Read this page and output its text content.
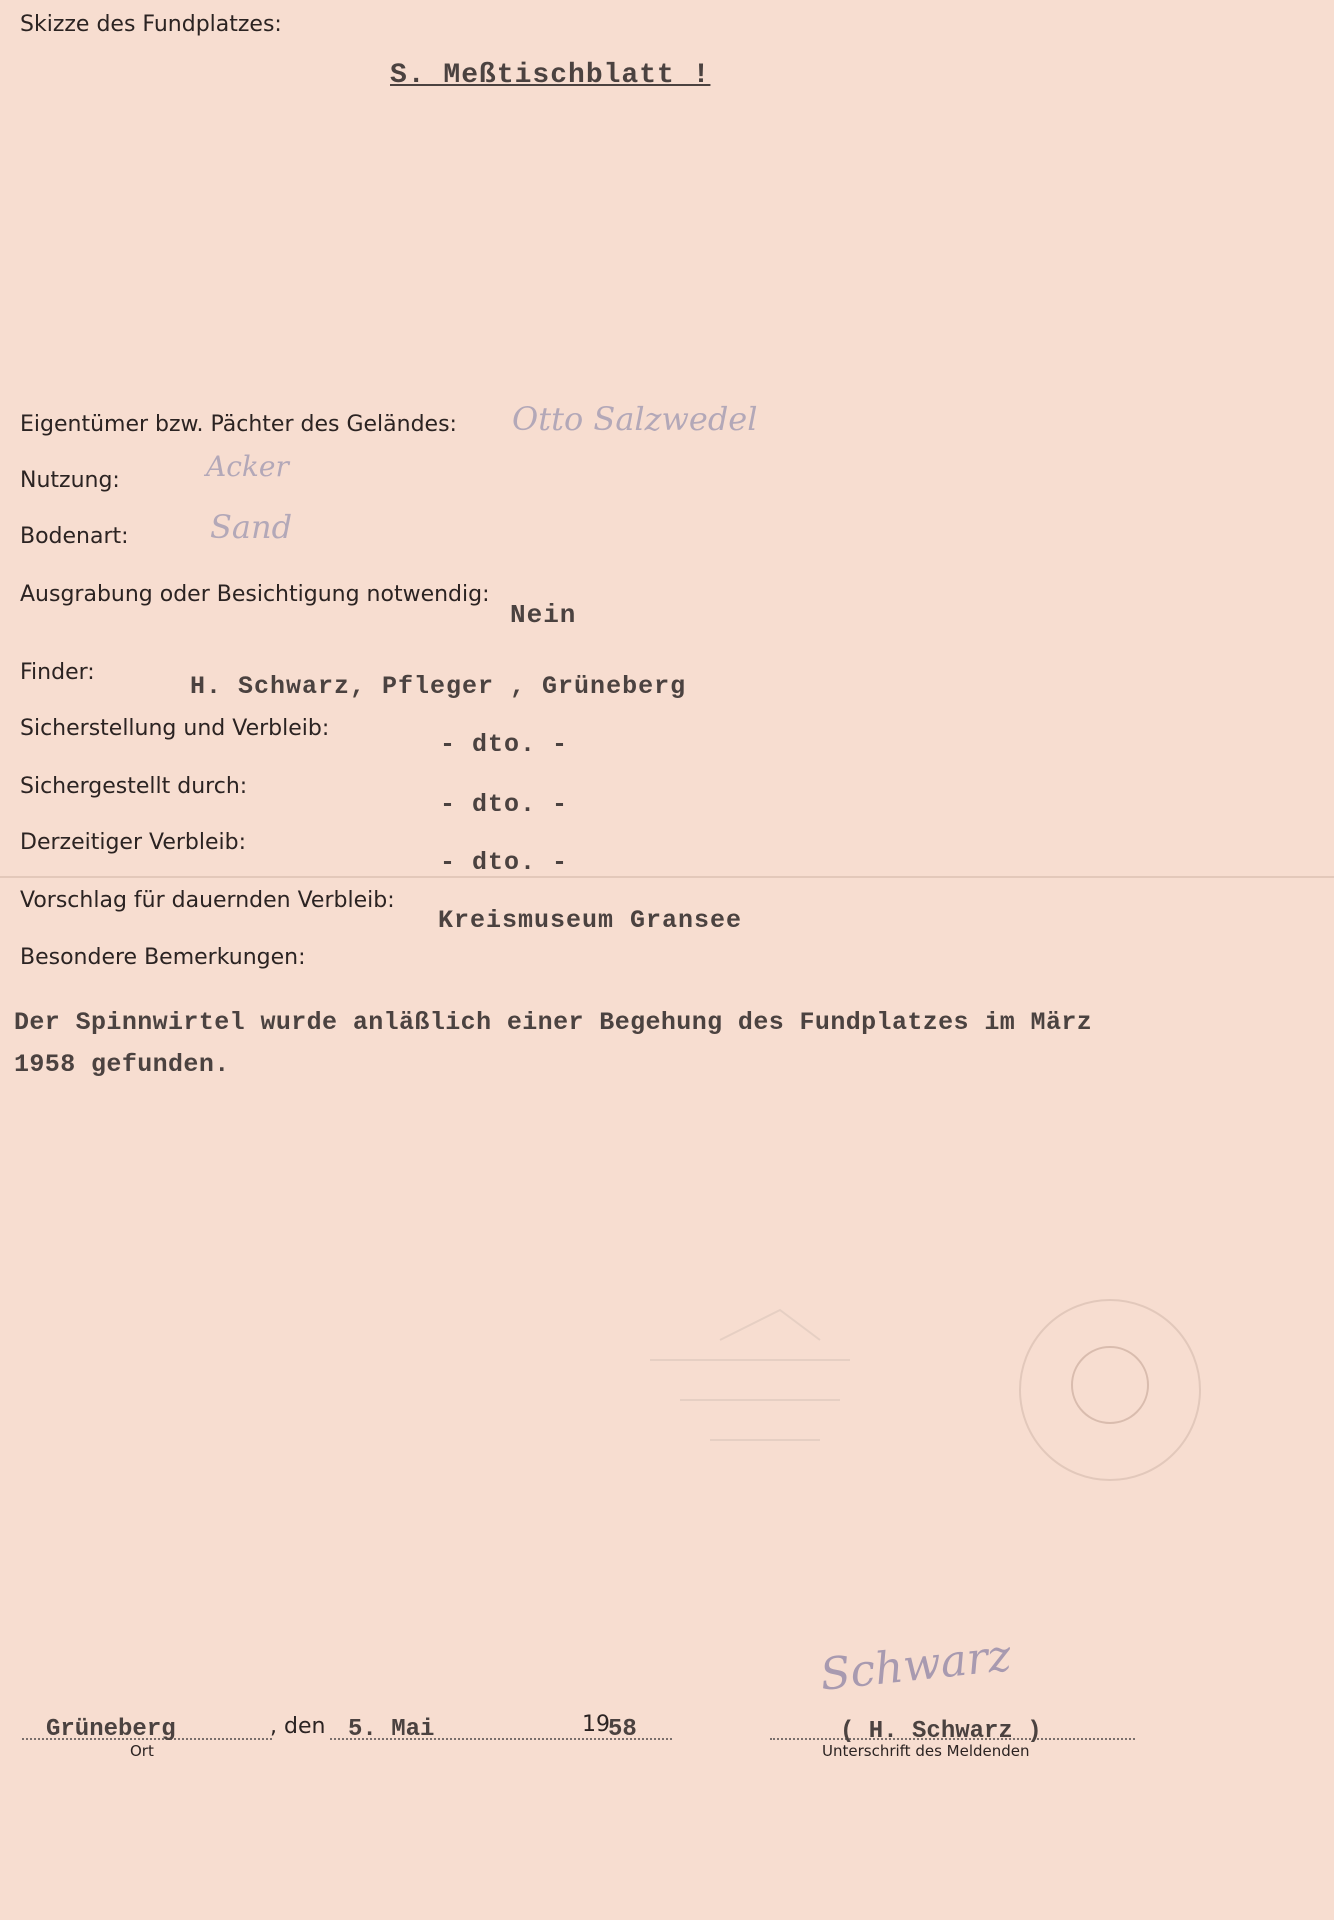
Skizze des Fundplatzes:
S. Meßtischblatt !
Eigentümer bzw. Pächter des Geländes: Otto Salzwedel
Nutzung:	Acker
Bodenart:	Sand
Ausgrabung oder Besichtigung notwendig:
Nein
Finder:	H. Schwarz, Pfleger , Grüneberg
Sicherstellung und Verbleib:
- dto. -
Sichergestellt durch:
- dto. -
Derzeitiger Verbleib:
- dto. -
Vorschlag für dauernden Verbleib:
Kreismuseum Gransee
Besondere Bemerkungen:
Der Spinnwirtel wurde anläßlich einer Begehung des Fundplatzes im März
1958 gefunden.
Grüneberg
Ort
, den 5. Mai	19
58
Schwarz
( H. Schwarz )
Unterschrift des Meldenden
